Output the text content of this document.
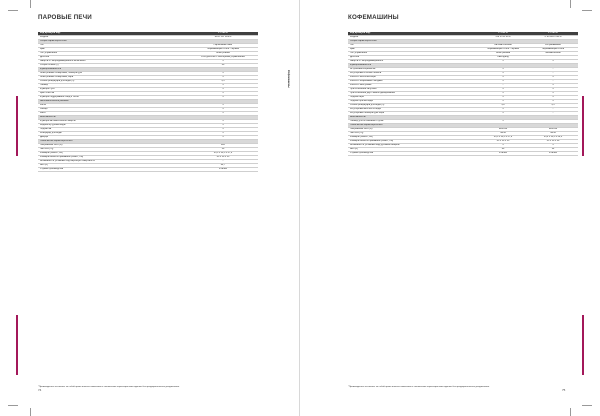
ПАРОВЫЕ ПЕЧИ
Код артикула изд.	F 1730 R
Модель	MOC 167 22B A
Общие характеристики	
Тип	Пароконвектомат
Цвет	Нержавеющая сталь / черный
Тип управления	Электронное
Дисплей	LCD-дисплей с сенсорным управлением
Защита от непреднамеренного включения	+
Общий объем (л)	36
Функциональность	
Электронная блокировка, температура	+
Электронная блокировка, пара	+
Объем резервуара для воды (л)	1,5
Таймер	+
Функция Пуск	+
Цикл очистки	+
Функция поддержания блюд в тепле	+
Автоматические режимы	
Рыба	+
Овощи	+
Мясо	+
Безопасность	
Функция автоматической защиты	+
Индикатор уровня воды	+
Подсветка	+
Резервуар для воды	+
Дверца	+
Технические характеристики	
Напряжение сети (В)	220
Частота (Гц)	50
Размеры (ВхШхГ, см)	45,5 x 59,5 x 47,6
Размеры ниши встраивания (ВхШхГ, см)	45 x 56 x 55
Возможность установки под варочную поверхность	-
Вес (кг)	22,7
Страна производства	Италия
*Производитель оставляет за собой право вносить изменения в технические характеристики изделия без предварительного уведомления.
74
КОФЕМАШИНЫ
Код артикула изд.	F 1711 R	F 1725 R
Модель	CM 176X 20 A	C M 2435 X20 A
Общие характеристики		
Тип	Автоматическая	Встраиваемая
Цвет	Нержавеющая сталь / черный	Нержавеющая сталь
Тип управления	Электронный	Механический
Дисплей	Светодиод	
Защита от непреднамеренного	+	+
Функциональность		
Встроенная кофемолка	+	-
Регулировка степени помола	+	-
Работа с молотым кофе	+	+
Работа с кофейными чалдами	+	-
Работа с капсулами	-	+
Приготовление капучино	+	+
Приготовление двух чашек одновременно	+	+
Подача пара	+	+
Подача горячей воды	+	+
Объем резервуара для воды (л)	1,8	1,5
Регулировка жесткости воды	+	-
Регулировка температуры кофе	+	-
Безопасность		
Таймер для отложенного пуска	+	
Технические характеристики		
Напряжение сети (В)	220/240	220/240
Частота (Гц)	50/60	50/60
Размеры (ВхШхГ, см)	45,5 x 59,5 x 37,9	35,2 x 59,5 x 32,4
Размеры ниши встраивания (ВхШхГ, см)	45 x 56 x 55	35 x 56 x 30
Возможность установки над духовым шкафом	+	+
Вес (кг)	20	14
Страна производства	Италия	Италия
*Производитель оставляет за собой право вносить изменения в технические характеристики изделия без предварительного уведомления.
75
Кофемашины
